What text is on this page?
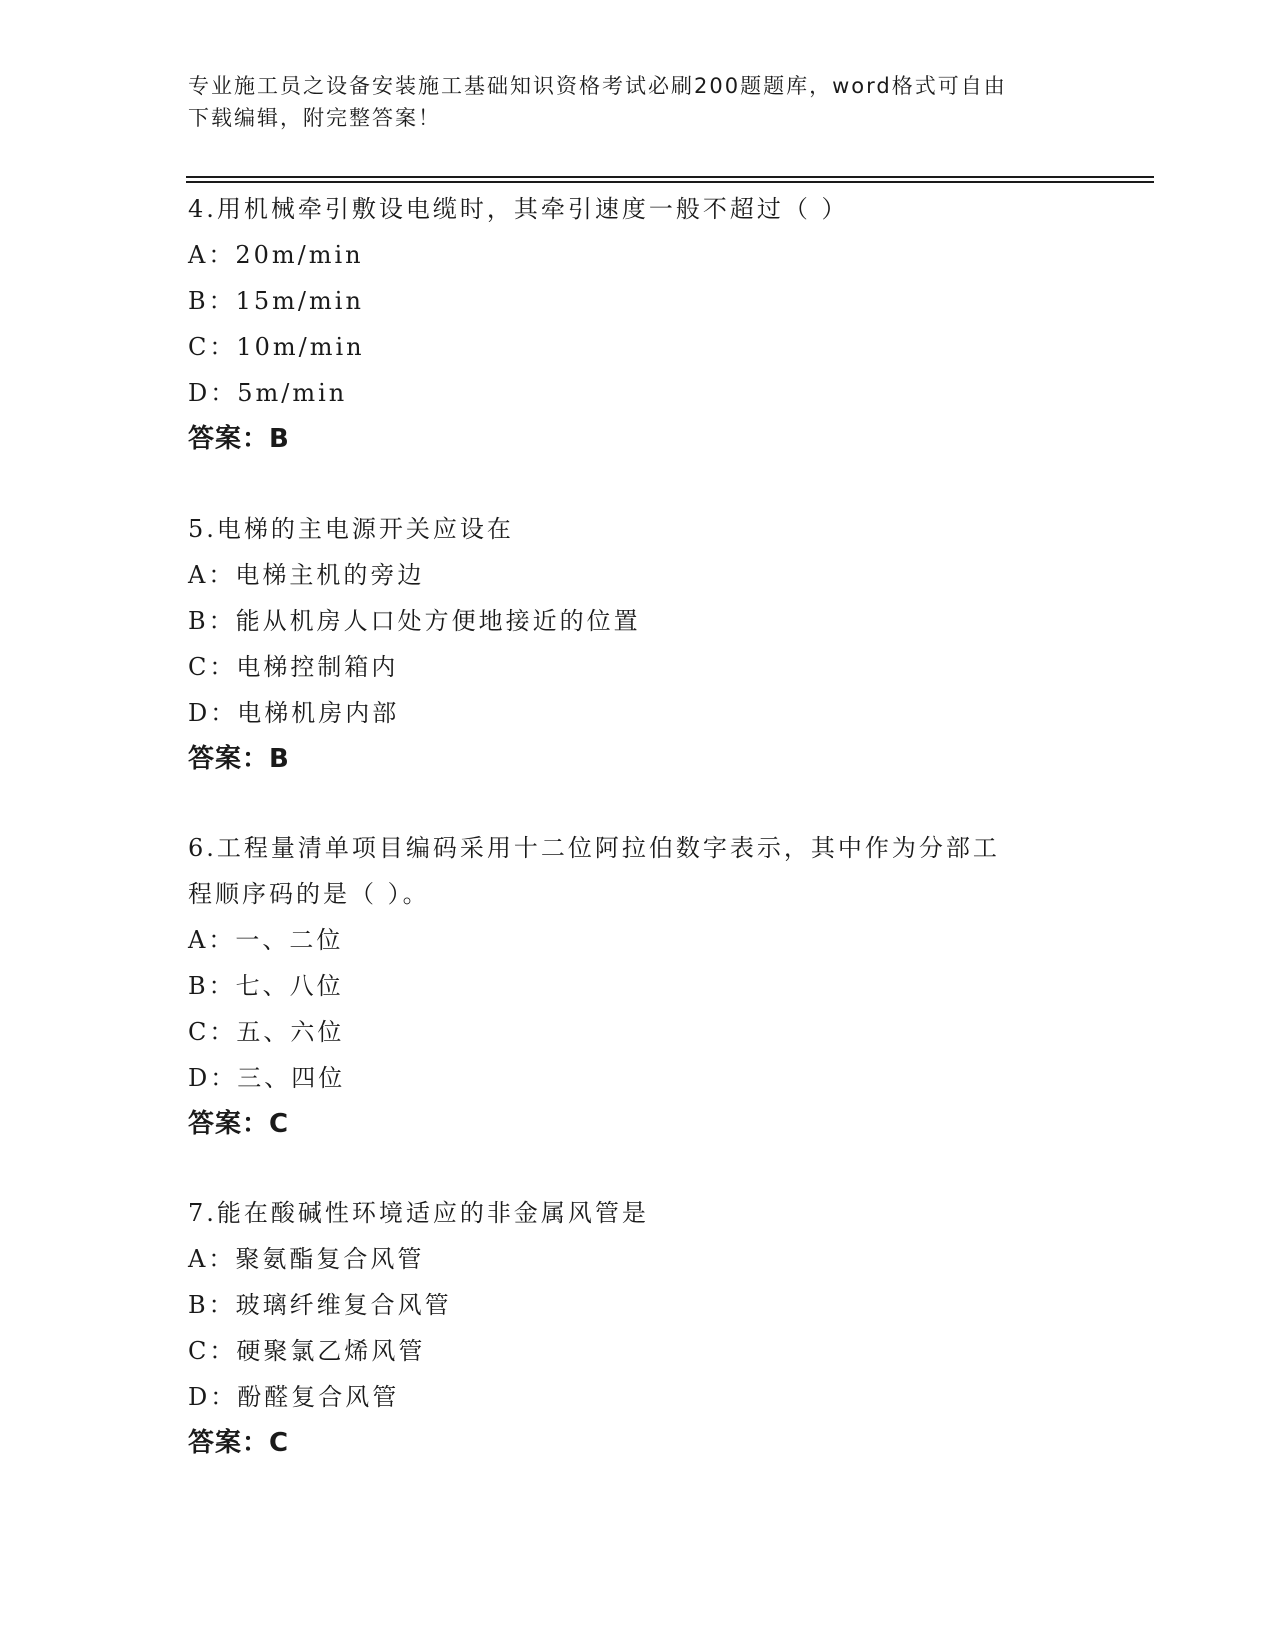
专业施工员之设备安装施工基础知识资格考试必刷200题题库，word格式可自由
下载编辑，附完整答案！
4.用机械牵引敷设电缆时，其牵引速度一般不超过（ ）
A：20m/min
B：15m/min
C：10m/min
D：5m/min
答案：B
5.电梯的主电源开关应设在
A：电梯主机的旁边
B：能从机房人口处方便地接近的位置
C：电梯控制箱内
D：电梯机房内部
答案：B
6.工程量清单项目编码采用十二位阿拉伯数字表示，其中作为分部工
程顺序码的是（ ）。
A：一、二位
B：七、八位
C：五、六位
D：三、四位
答案：C
7.能在酸碱性环境适应的非金属风管是
A：聚氨酯复合风管
B：玻璃纤维复合风管
C：硬聚氯乙烯风管
D：酚醛复合风管
答案：C
